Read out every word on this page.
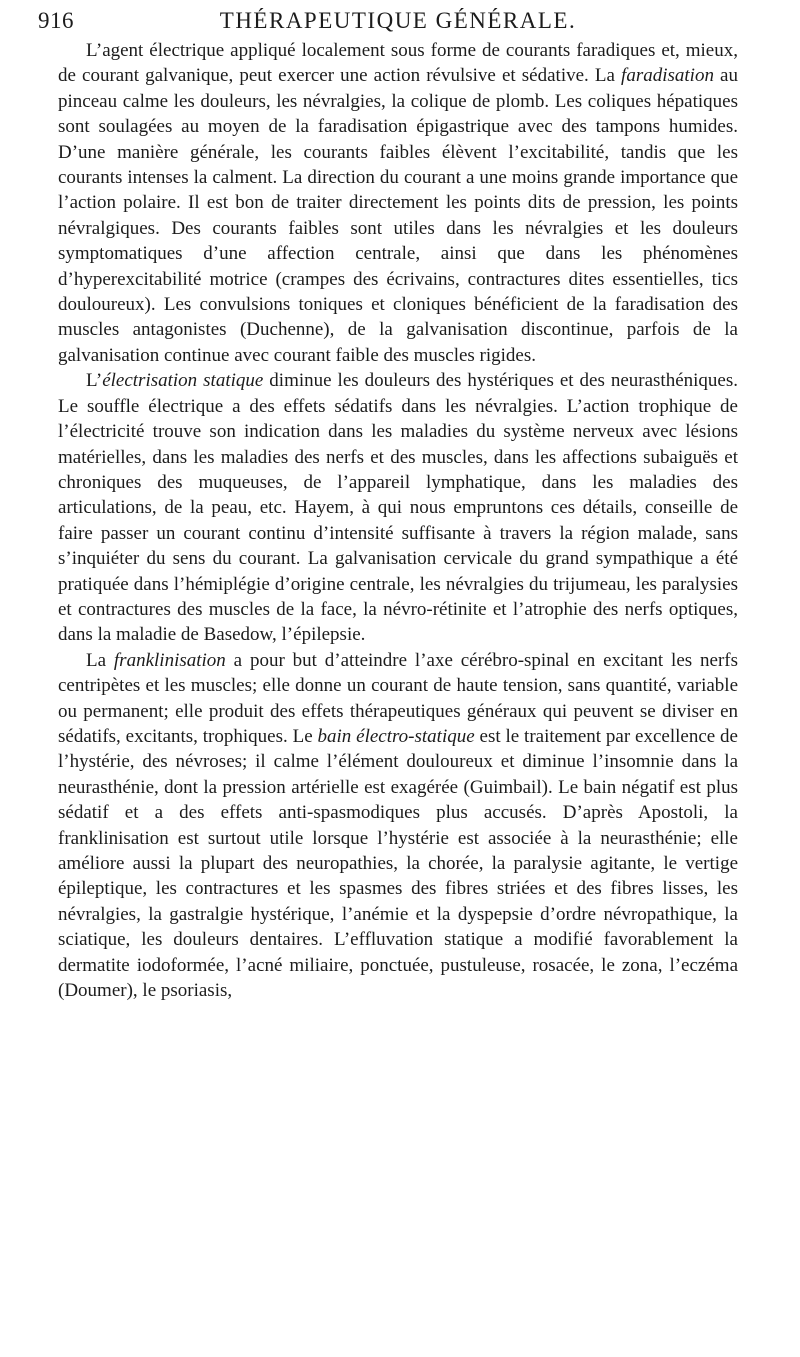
916	THÉRAPEUTIQUE GÉNÉRALE.

L’agent électrique appliqué localement sous forme de courants faradiques et, mieux, de courant galvanique, peut exercer une action révulsive et sédative. La faradisation au pinceau calme les douleurs, les névralgies, la colique de plomb. Les coliques hépatiques sont soulagées au moyen de la faradisation épigastrique avec des tampons humides. D’une manière générale, les courants faibles élèvent l’excitabilité, tandis que les courants intenses la calment. La direction du courant a une moins grande importance que l’action polaire. Il est bon de traiter directement les points dits de pression, les points névralgiques. Des courants faibles sont utiles dans les névralgies et les douleurs symptomatiques d’une affection centrale, ainsi que dans les phénomènes d’hyperexcitabilité motrice (crampes des écrivains, contractures dites essentielles, tics douloureux). Les convulsions toniques et cloniques bénéficient de la faradisation des muscles antagonistes (Duchenne), de la galvanisation discontinue, parfois de la galvanisation continue avec courant faible des muscles rigides.

L’électrisation statique diminue les douleurs des hystériques et des neurasthéniques. Le souffle électrique a des effets sédatifs dans les névralgies. L’action trophique de l’électricité trouve son indication dans les maladies du système nerveux avec lésions matérielles, dans les maladies des nerfs et des muscles, dans les affections subaiguës et chroniques des muqueuses, de l’appareil lymphatique, dans les maladies des articulations, de la peau, etc. Hayem, à qui nous empruntons ces détails, conseille de faire passer un courant continu d’intensité suffisante à travers la région malade, sans s’inquiéter du sens du courant. La galvanisation cervicale du grand sympathique a été pratiquée dans l’hémiplégie d’origine centrale, les névralgies du trijumeau, les paralysies et contractures des muscles de la face, la névro-rétinite et l’atrophie des nerfs optiques, dans la maladie de Basedow, l’épilepsie.

La franklinisation a pour but d’atteindre l’axe cérébro-spinal en excitant les nerfs centripètes et les muscles; elle donne un courant de haute tension, sans quantité, variable ou permanent; elle produit des effets thérapeutiques généraux qui peuvent se diviser en sédatifs, excitants, trophiques. Le bain électro-statique est le traitement par excellence de l’hystérie, des névroses; il calme l’élément douloureux et diminue l’insomnie dans la neurasthénie, dont la pression artérielle est exagérée (Guimbail). Le bain négatif est plus sédatif et a des effets anti-spasmodiques plus accusés. D’après Apostoli, la franklinisation est surtout utile lorsque l’hystérie est associée à la neurasthénie; elle améliore aussi la plupart des neuropathies, la chorée, la paralysie agitante, le vertige épileptique, les contractures et les spasmes des fibres striées et des fibres lisses, les névralgies, la gastralgie hystérique, l’anémie et la dyspepsie d’ordre névropathique, la sciatique, les douleurs dentaires. L’effluvation statique a modifié favorablement la dermatite iodoformée, l’acné miliaire, ponctuée, pustuleuse, rosacée, le zona, l’eczéma (Doumer), le psoriasis,
